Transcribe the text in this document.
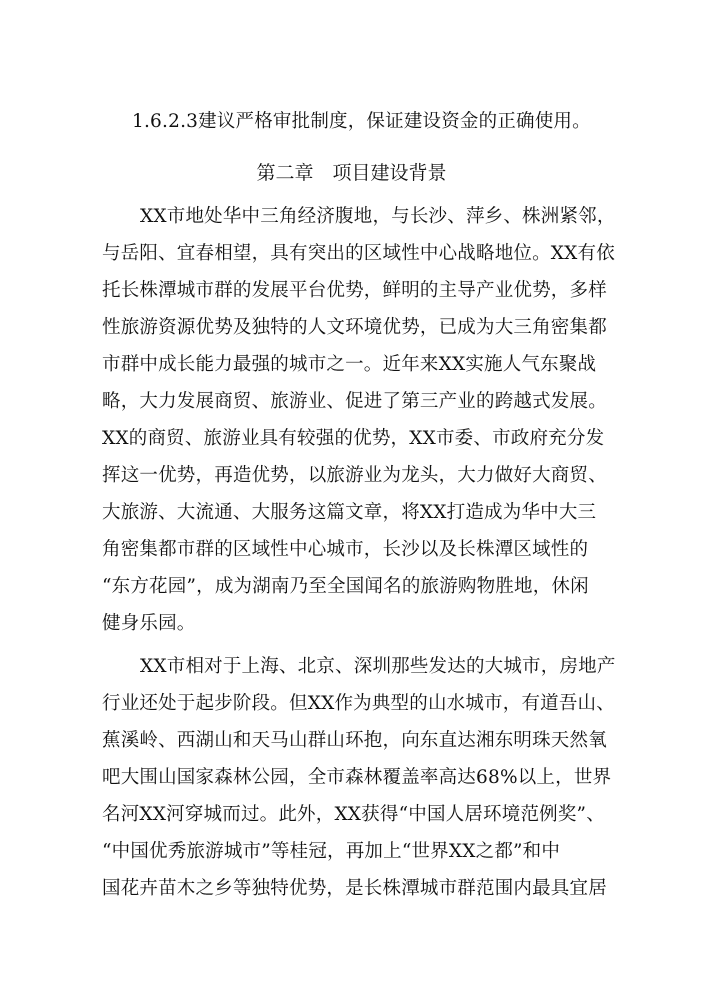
1.6.2.3建议严格审批制度，保证建设资金的正确使用。
第二章　项目建设背景
XX市地处华中三角经济腹地，与长沙、萍乡、株洲紧邻，
与岳阳、宜春相望，具有突出的区域性中心战略地位。XX有依
托长株潭城市群的发展平台优势，鲜明的主导产业优势，多样
性旅游资源优势及独特的人文环境优势，已成为大三角密集都
市群中成长能力最强的城市之一。近年来XX实施人气东聚战
略，大力发展商贸、旅游业、促进了第三产业的跨越式发展。
XX的商贸、旅游业具有较强的优势，XX市委、市政府充分发
挥这一优势，再造优势，以旅游业为龙头，大力做好大商贸、
大旅游、大流通、大服务这篇文章，将XX打造成为华中大三
角密集都市群的区域性中心城市，长沙以及长株潭区域性的
“东方花园”，成为湖南乃至全国闻名的旅游购物胜地，休闲
健身乐园。
XX市相对于上海、北京、深圳那些发达的大城市，房地产
行业还处于起步阶段。但XX作为典型的山水城市，有道吾山、
蕉溪岭、西湖山和天马山群山环抱，向东直达湘东明珠天然氧
吧大围山国家森林公园，全市森林覆盖率高达68%以上，世界
名河XX河穿城而过。此外，XX获得“中国人居环境范例奖”、
“中国优秀旅游城市”等桂冠，再加上“世界XX之都”和中
国花卉苗木之乡等独特优势，是长株潭城市群范围内最具宜居
